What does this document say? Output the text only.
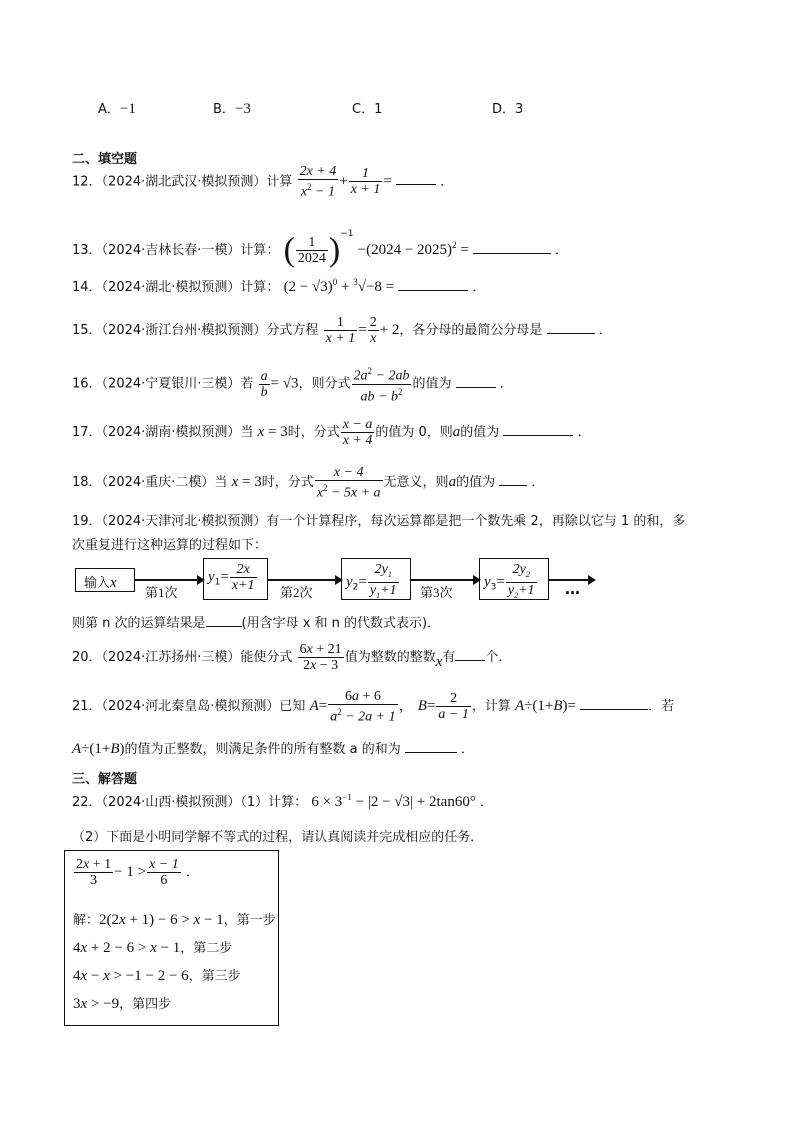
A．−1	B．−3	C．1	D．3
二、填空题
12．（2024·湖北武汉·模拟预测）计算 $\frac{2x + 4}{x^2 - 1} + \frac{1}{x + 1}$ =	．
13．（2024·吉林长春·一模）计算： ( $\frac{1}{2024} )^{-1} -(2024 - 2025)^2$ =	．
14．（2024·湖北·模拟预测）计算： $(2 - √3)^0 + ^3√-8$ =	．
15．（2024·浙江台州·模拟预测）分式方程 $\frac{1}{x + 1} = \frac{2}{x} + 2$，各分母的最简公分母是	．
16．（2024·宁夏银川·三模）若 $\frac{a}{b} = √3$，则分式 $\frac{2a^2 - 2ab}{ab - b^2}$ 的值为	．
17．（2024·湖南·模拟预测）当 x = 3时，分式 $\frac{x - a}{x + 4}$ 的值为 0，则a的值为	．
18．（2024·重庆·二模）当 x = 3时，分式 $\frac{x - 4}{x^2 - 5x + a}$ 无意义，则a的值为  ．
19．（2024·天津河北·模拟预测）有一个计算程序，每次运算都是把一个数先乘 2，再除以它与 1 的和，多
次重复进行这种运算的过程如下：
输入x
第1次
$y_1= \frac{2x}{x+1}$ 第2次
$y_2= \frac{2y_1}{y_1+1}$ 第3次
$y_3= \frac{2y_2}{y_2+1}$ …
则第 n 次的运算结果是	(用含字母 x 和 n 的代数式表示)．
20．（2024·江苏扬州·三模）能使分式 $\frac{6x + 21}{2x - 3}$ 值为整数的整数x有 个．
21．（2024·河北秦皇岛·模拟预测）已知 $A= \frac{6a + 6}{a^2 - 2a + 1}$ ， $B= \frac{2}{a - 1}$ ，计算 A÷(1+B)=	．若
A÷(1+B)的值为正整数，则满足条件的所有整数 a 的和为	．
三、解答题
22．（2024·山西·模拟预测）（1）计算： $6 \times 3^{-1} - |2 - √3| + 2\tan 60^\circ$ ．
（2）下面是小明同学解不等式的过程，请认真阅读并完成相应的任务．
$\frac{2x + 1}{3} - 1 > \frac{x - 1}{6}$ ．
解：2(2x + 1) − 6 > x − 1，第一步
4x + 2 − 6 > x − 1，第二步
4x − x > −1 − 2 − 6，第三步
3x > −9，第四步
